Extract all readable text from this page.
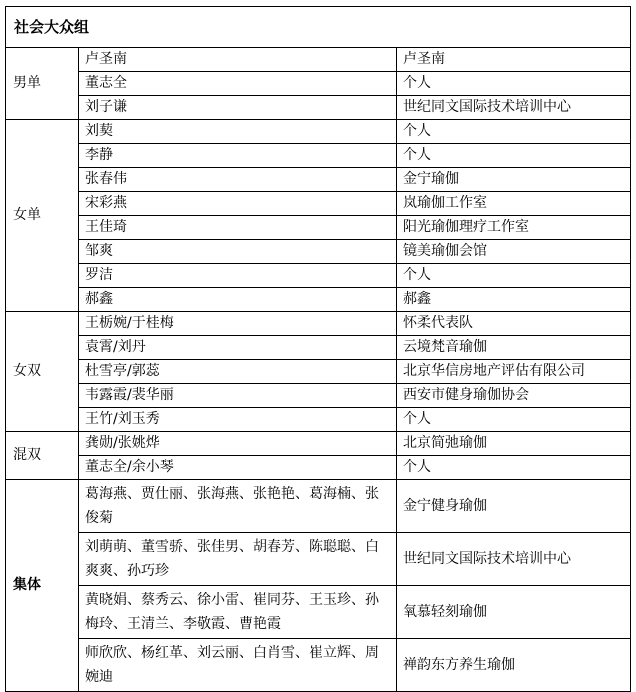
社会大众组		
男单	卢圣南	卢圣南
	董志全	个人
	刘子谦	世纪同文国际技术培训中心
女单	刘葜	个人
	李静	个人
	张春伟	金宁瑜伽
	宋彩燕	岚瑜伽工作室
	王佳琦	阳光瑜伽理疗工作室
	邹爽	镜美瑜伽会馆
	罗洁	个人
	郝鑫	郝鑫
女双	王栃婉/于桂梅	怀柔代表队
	袁霄/刘丹	云境梵音瑜伽
	杜雪亭/郭蕊	北京华信房地产评估有限公司
	韦露霞/裴华丽	西安市健身瑜伽协会
	王竹/刘玉秀	个人
混双	龚勋/张姚烨	北京简弛瑜伽
	董志全/余小琴	个人
集体	葛海燕、贾仕丽、张海燕、张艳艳、葛海楠、张俊菊	金宁健身瑜伽
	刘萌萌、董雪骄、张佳男、胡春芳、陈聪聪、白爽爽、孙巧珍	世纪同文国际技术培训中心
	黄晓娟、蔡秀云、徐小雷、崔同芬、王玉珍、孙梅玲、王清兰、李敬霞、曹艳霞	氧慕轻刻瑜伽
	师欣欣、杨红革、刘云丽、白肖雪、崔立辉、周婉迪	禅韵东方养生瑜伽
